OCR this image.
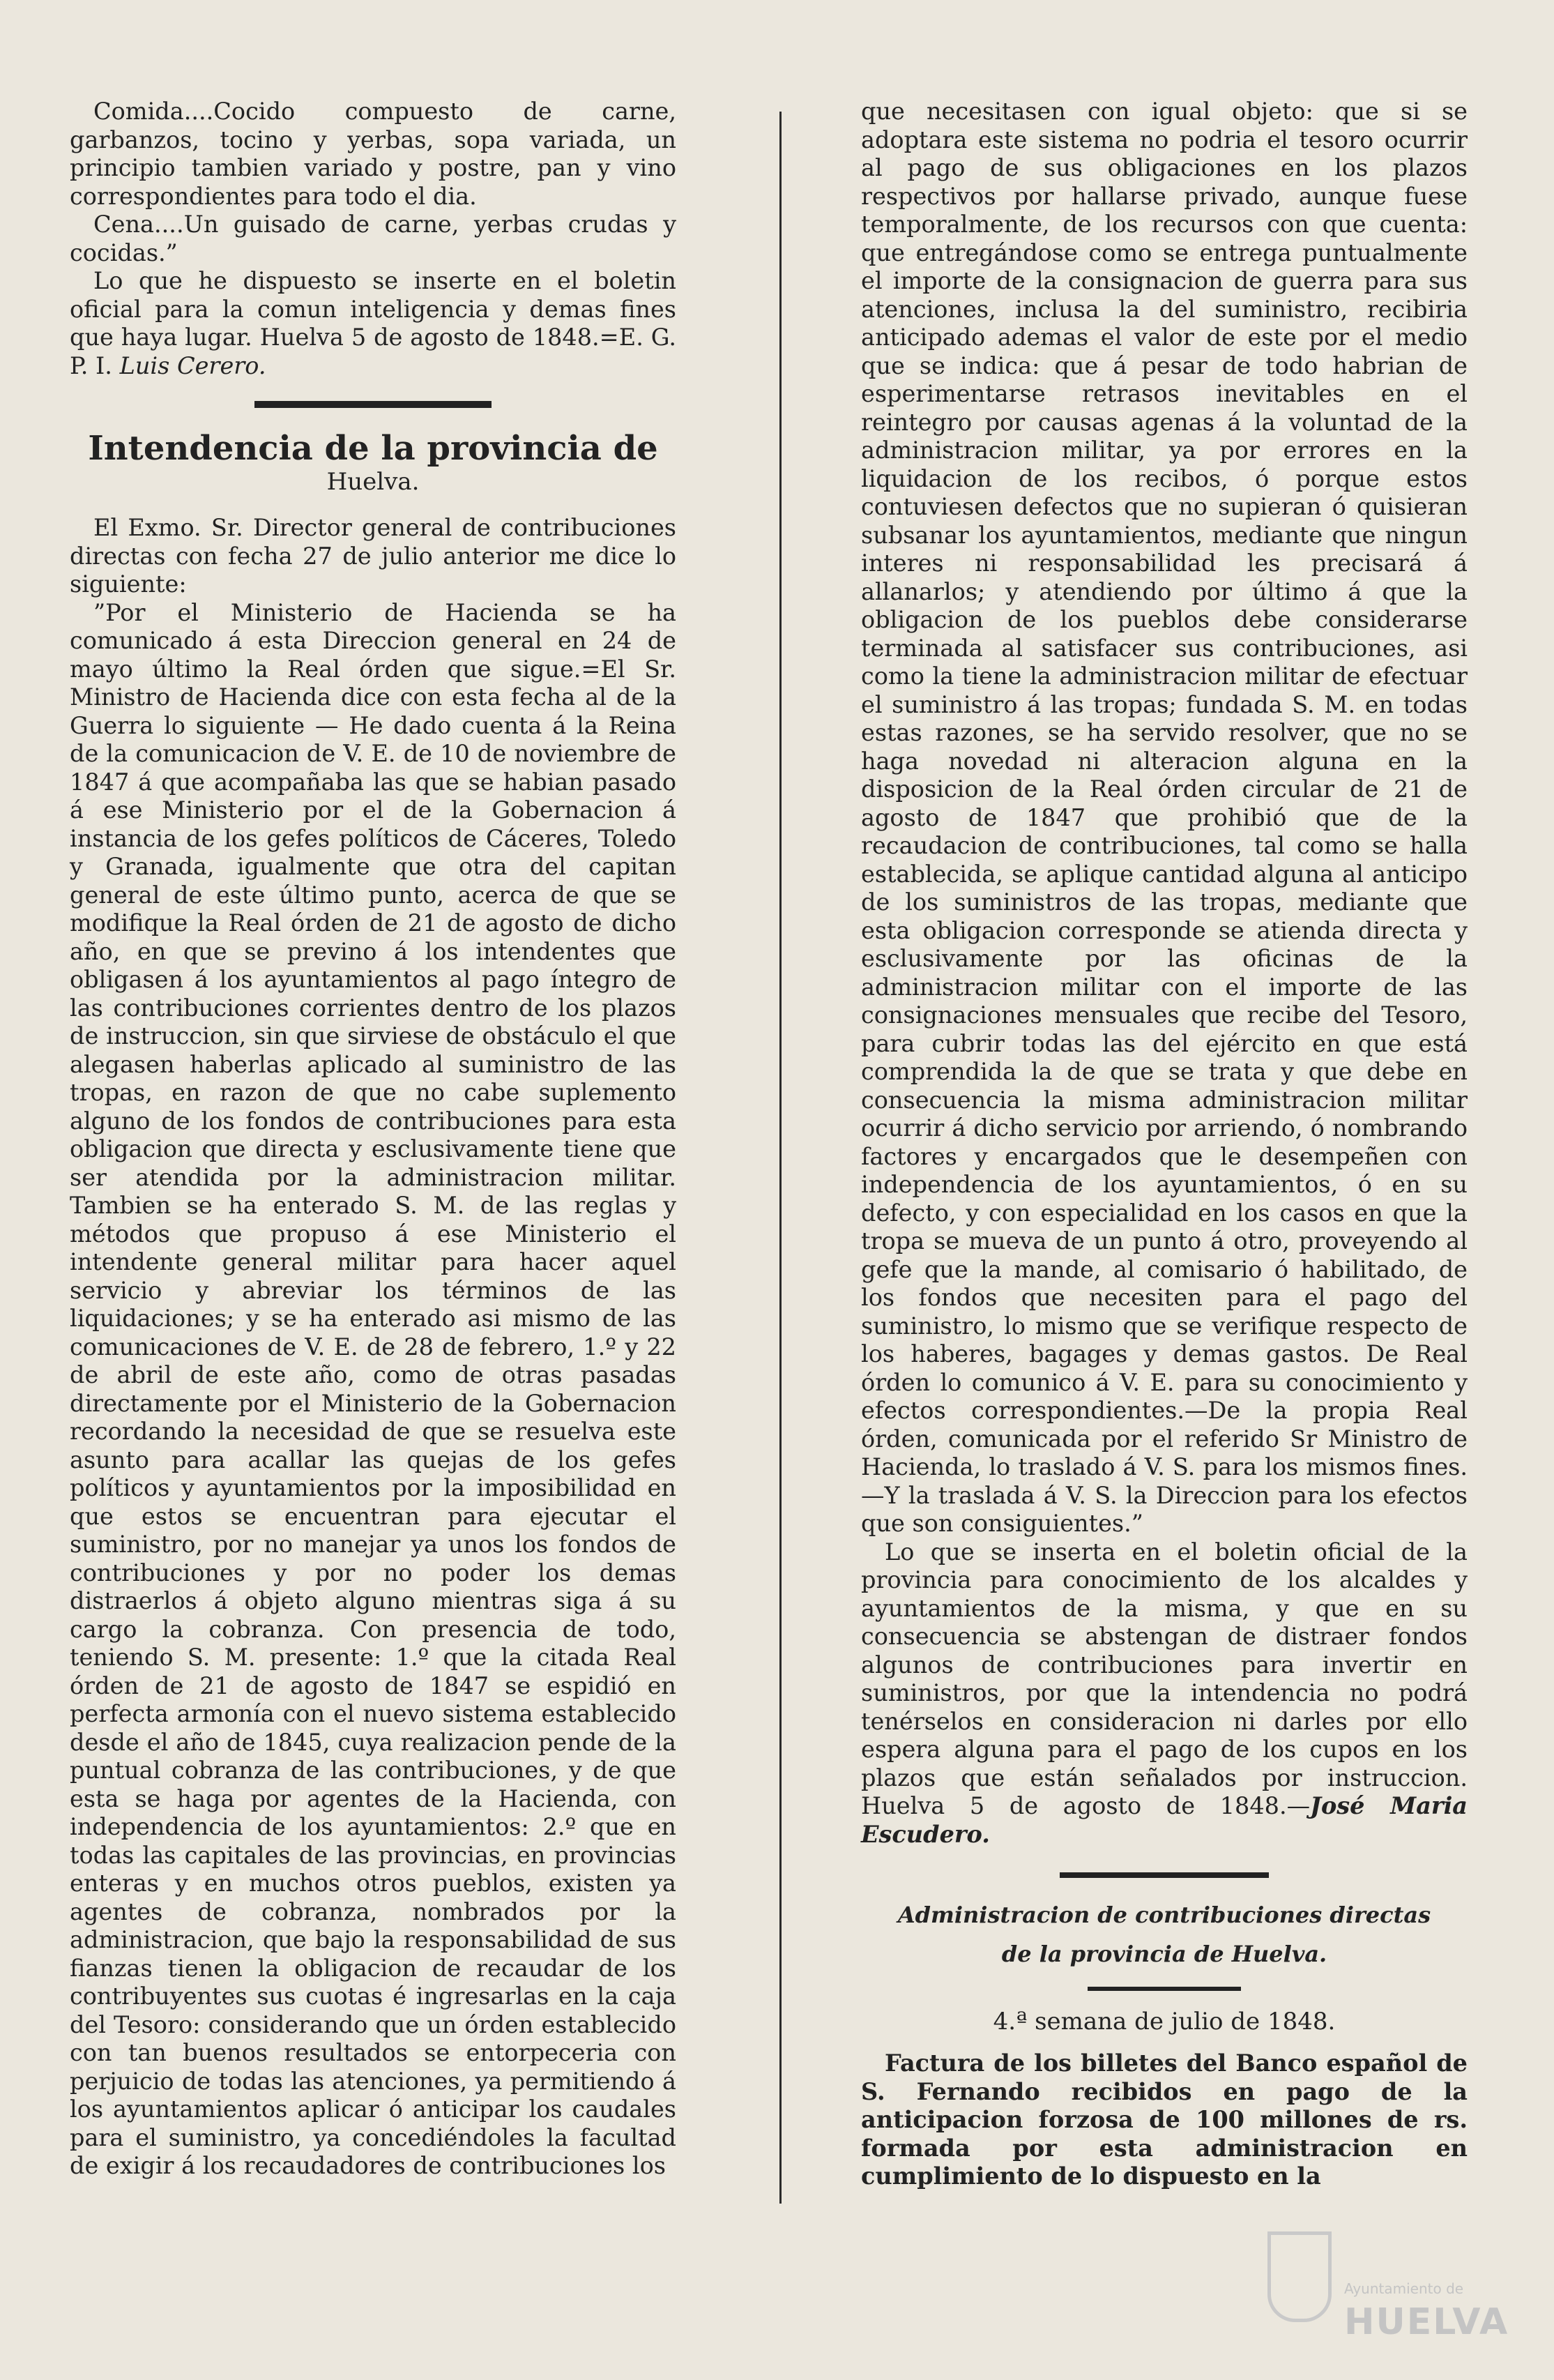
Comida....Cocido compuesto de carne, garbanzos, tocino y yerbas, sopa variada, un principio tambien variado y postre, pan y vino correspondientes para todo el dia.

Cena....Un guisado de carne, yerbas crudas y cocidas.”

Lo que he dispuesto se inserte en el boletin oficial para la comun inteligencia y demas fines que haya lugar. Huelva 5 de agosto de 1848.=E. G. P. I. Luis Cerero.

Intendencia de la provincia de
Huelva.

El Exmo. Sr. Director general de contribuciones directas con fecha 27 de julio anterior me dice lo siguiente:

”Por el Ministerio de Hacienda se ha comunicado á esta Direccion general en 24 de mayo último la Real órden que sigue.=El Sr. Ministro de Hacienda dice con esta fecha al de la Guerra lo siguiente — He dado cuenta á la Reina de la comunicacion de V. E. de 10 de noviembre de 1847 á que acompañaba las que se habian pasado á ese Ministerio por el de la Gobernacion á instancia de los gefes políticos de Cáceres, Toledo y Granada, igualmente que otra del capitan general de este último punto, acerca de que se modifique la Real órden de 21 de agosto de dicho año, en que se previno á los intendentes que obligasen á los ayuntamientos al pago íntegro de las contribuciones corrientes dentro de los plazos de instruccion, sin que sirviese de obstáculo el que alegasen haberlas aplicado al suministro de las tropas, en razon de que no cabe suplemento alguno de los fondos de contribuciones para esta obligacion que directa y esclusivamente tiene que ser atendida por la administracion militar. Tambien se ha enterado S. M. de las reglas y métodos que propuso á ese Ministerio el intendente general militar para hacer aquel servicio y abreviar los términos de las liquidaciones; y se ha enterado asi mismo de las comunicaciones de V. E. de 28 de febrero, 1.º y 22 de abril de este año, como de otras pasadas directamente por el Ministerio de la Gobernacion recordando la necesidad de que se resuelva este asunto para acallar las quejas de los gefes políticos y ayuntamientos por la imposibilidad en que estos se encuentran para ejecutar el suministro, por no manejar ya unos los fondos de contribuciones y por no poder los demas distraerlos á objeto alguno mientras siga á su cargo la cobranza. Con presencia de todo, teniendo S. M. presente: 1.º que la citada Real órden de 21 de agosto de 1847 se espidió en perfecta armonía con el nuevo sistema establecido desde el año de 1845, cuya realizacion pende de la puntual cobranza de las contribuciones, y de que esta se haga por agentes de la Hacienda, con independencia de los ayuntamientos: 2.º que en todas las capitales de las provincias, en provincias enteras y en muchos otros pueblos, existen ya agentes de cobranza, nombrados por la administracion, que bajo la responsabilidad de sus fianzas tienen la obligacion de recaudar de los contribuyentes sus cuotas é ingresarlas en la caja del Tesoro: considerando que un órden establecido con tan buenos resultados se entorpeceria con perjuicio de todas las atenciones, ya permitiendo á los ayuntamientos aplicar ó anticipar los caudales para el suministro, ya concediéndoles la facultad de exigir á los recaudadores de contribuciones los

que necesitasen con igual objeto: que si se adoptara este sistema no podria el tesoro ocurrir al pago de sus obligaciones en los plazos respectivos por hallarse privado, aunque fuese temporalmente, de los recursos con que cuenta: que entregándose como se entrega puntualmente el importe de la consignacion de guerra para sus atenciones, inclusa la del suministro, recibiria anticipado ademas el valor de este por el medio que se indica: que á pesar de todo habrian de esperimentarse retrasos inevitables en el reintegro por causas agenas á la voluntad de la administracion militar, ya por errores en la liquidacion de los recibos, ó porque estos contuviesen defectos que no supieran ó quisieran subsanar los ayuntamientos, mediante que ningun interes ni responsabilidad les precisará á allanarlos; y atendiendo por último á que la obligacion de los pueblos debe considerarse terminada al satisfacer sus contribuciones, asi como la tiene la administracion militar de efectuar el suministro á las tropas; fundada S. M. en todas estas razones, se ha servido resolver, que no se haga novedad ni alteracion alguna en la disposicion de la Real órden circular de 21 de agosto de 1847 que prohibió que de la recaudacion de contribuciones, tal como se halla establecida, se aplique cantidad alguna al anticipo de los suministros de las tropas, mediante que esta obligacion corresponde se atienda directa y esclusivamente por las oficinas de la administracion militar con el importe de las consignaciones mensuales que recibe del Tesoro, para cubrir todas las del ejército en que está comprendida la de que se trata y que debe en consecuencia la misma administracion militar ocurrir á dicho servicio por arriendo, ó nombrando factores y encargados que le desempeñen con independencia de los ayuntamientos, ó en su defecto, y con especialidad en los casos en que la tropa se mueva de un punto á otro, proveyendo al gefe que la mande, al comisario ó habilitado, de los fondos que necesiten para el pago del suministro, lo mismo que se verifique respecto de los haberes, bagages y demas gastos. De Real órden lo comunico á V. E. para su conocimiento y efectos correspondientes.—De la propia Real órden, comunicada por el referido Sr Ministro de Hacienda, lo traslado á V. S. para los mismos fines.—Y la traslada á V. S. la Direccion para los efectos que son consiguientes.”

Lo que se inserta en el boletin oficial de la provincia para conocimiento de los alcaldes y ayuntamientos de la misma, y que en su consecuencia se abstengan de distraer fondos algunos de contribuciones para invertir en suministros, por que la intendencia no podrá tenérselos en consideracion ni darles por ello espera alguna para el pago de los cupos en los plazos que están señalados por instruccion. Huelva 5 de agosto de 1848.—José Maria Escudero.

Administracion de contribuciones directas
de la provincia de Huelva.
4.ª semana de julio de 1848.

Factura de los billetes del Banco español de S. Fernando recibidos en pago de la anticipacion forzosa de 100 millones de rs. formada por esta administracion en cumplimiento de lo dispuesto en la

Ayuntamiento de
HUELVA
